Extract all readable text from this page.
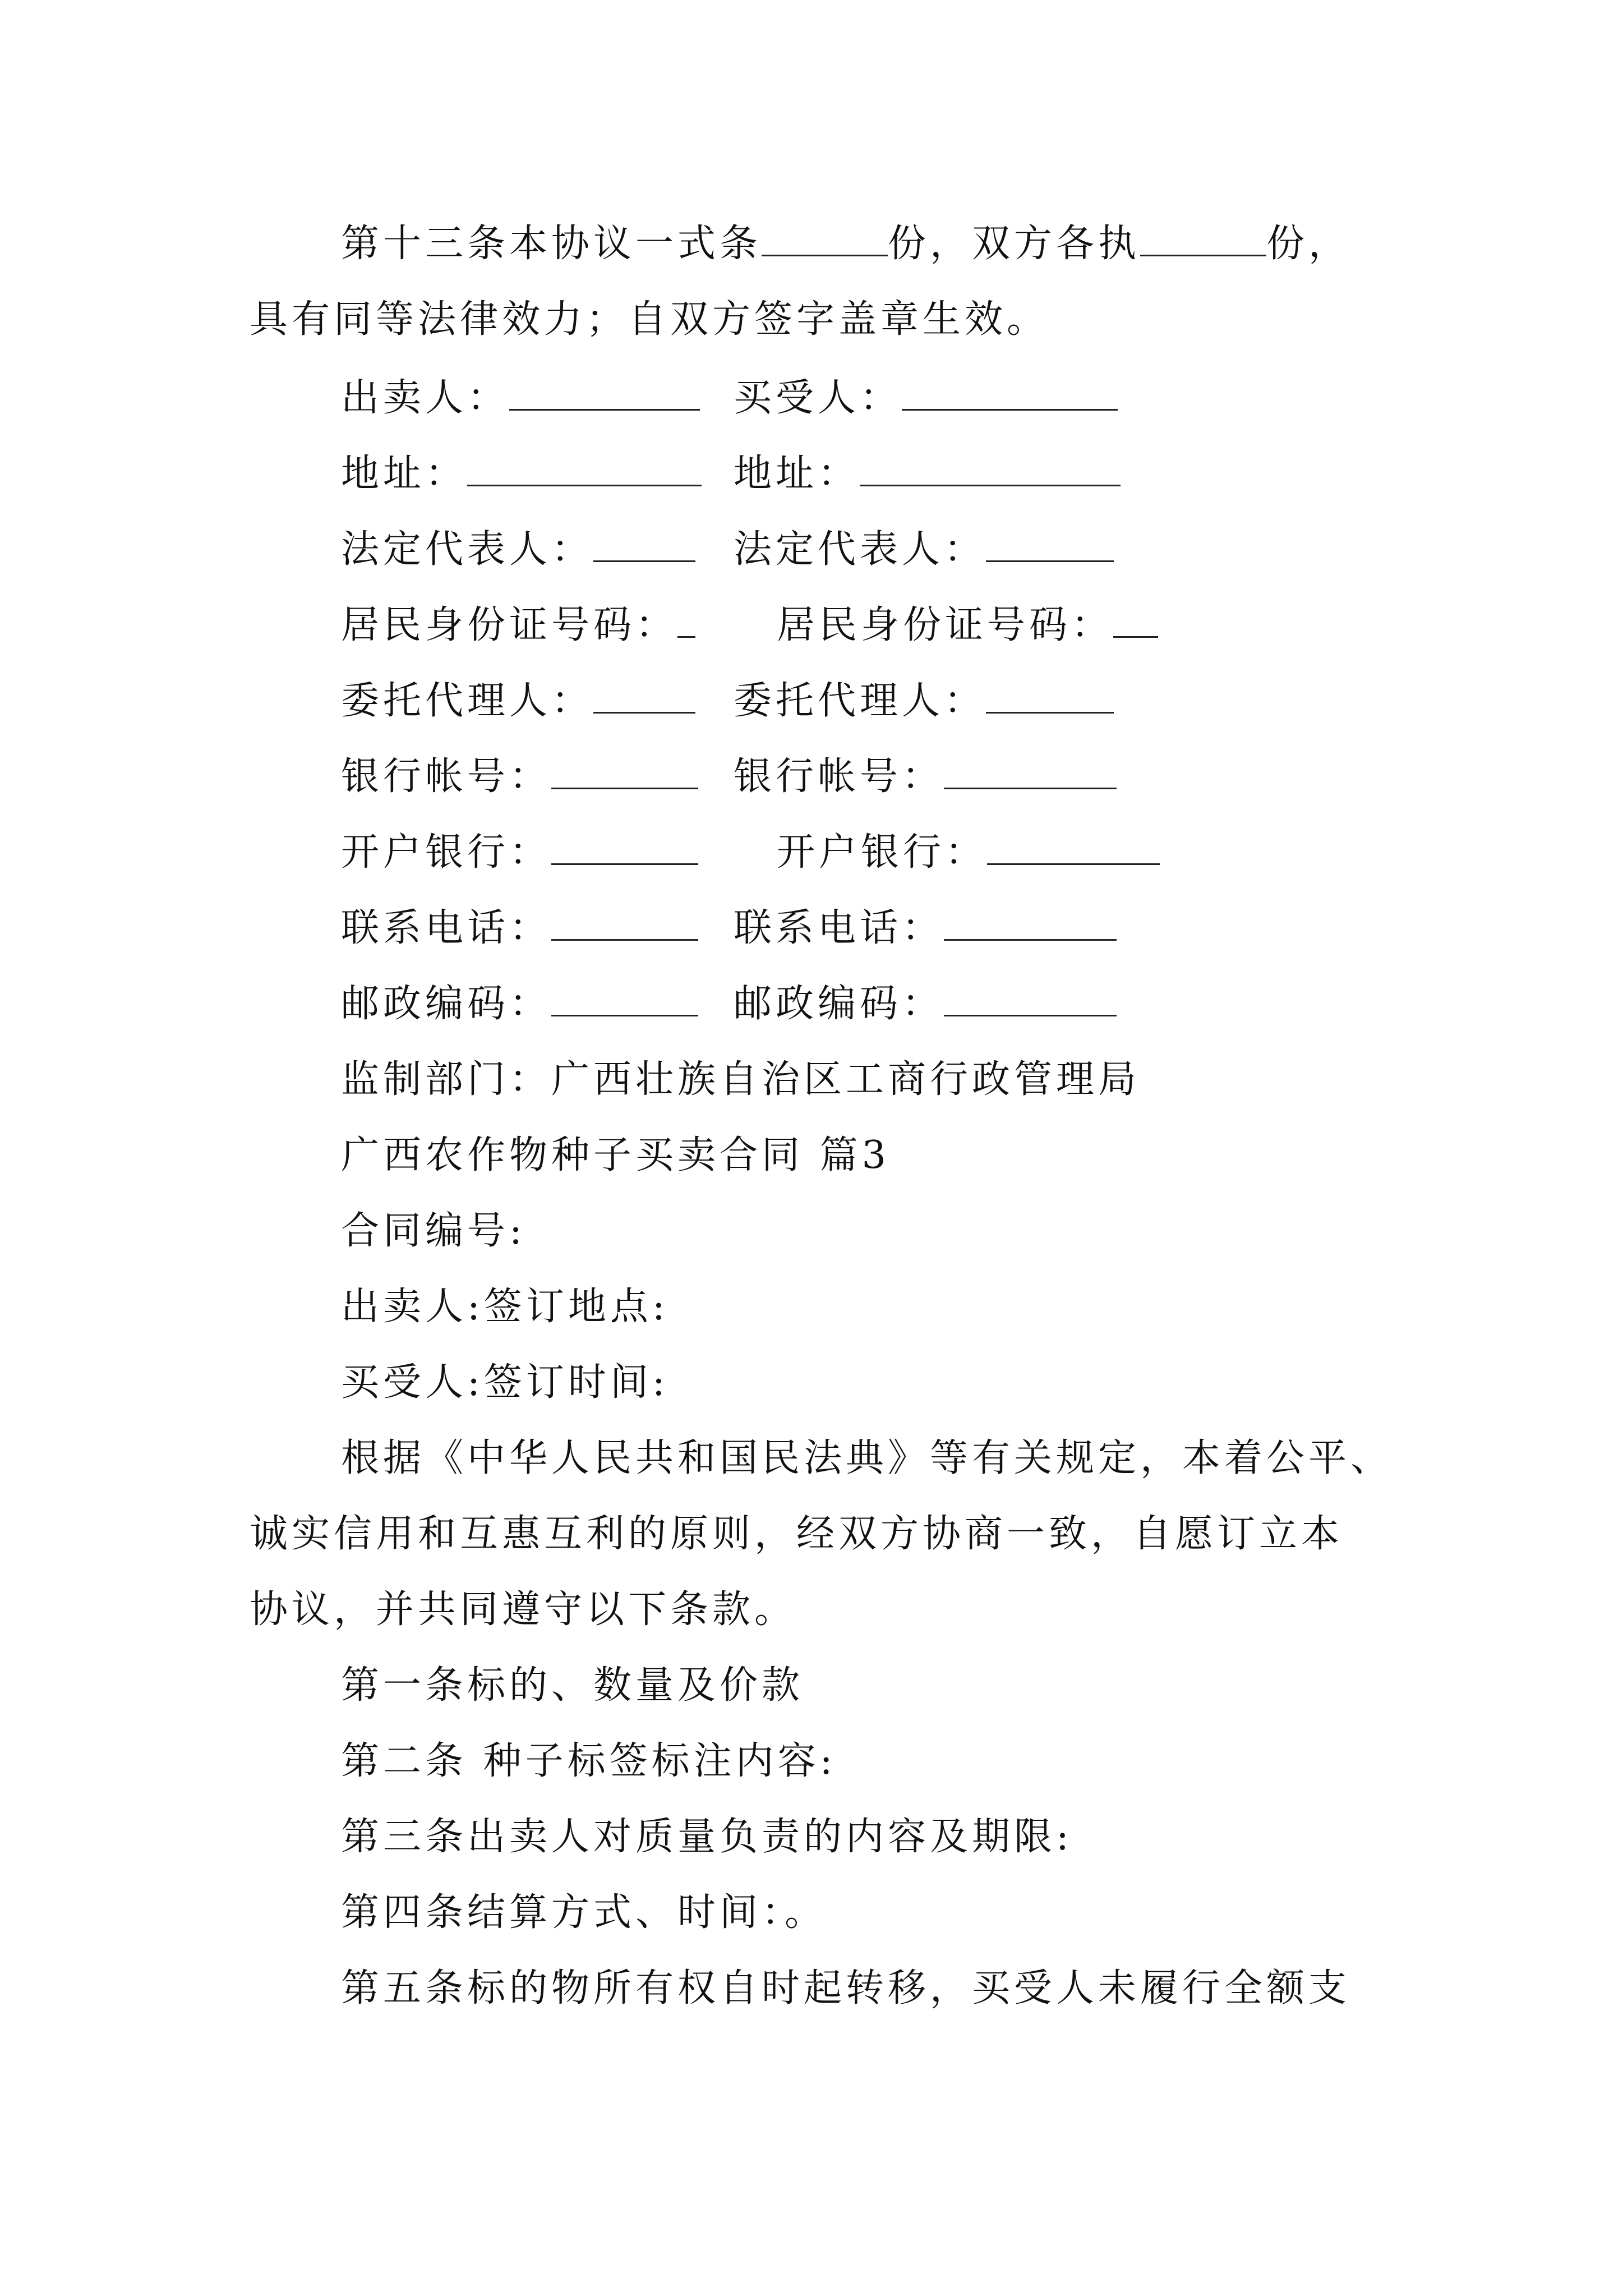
第十三条本协议一式条	份，双方各执	份，
具有同等法律效力；自双方签字盖章生效。
出卖人：
地址：
法定代表人：
居民身份证号码：
委托代理人：
银行帐号：
开户银行：
联系电话：
邮政编码：
买受人：
地址：
法定代表人：
居民身份证号码：
委托代理人：
银行帐号：
开户银行：
联系电话：
邮政编码：
监制部门：广西壮族自治区工商行政管理局
广西农作物种子买卖合同 篇3
合同编号:
出卖人:签订地点:
买受人:签订时间:
根据《中华人民共和国民法典》等有关规定，本着公平、
诚实信用和互惠互利的原则，经双方协商一致，自愿订立本
协议，并共同遵守以下条款。
第一条标的、数量及价款
第二条 种子标签标注内容:
第三条出卖人对质量负责的内容及期限:
第四条结算方式、时间：。
第五条标的物所有权自时起转移，买受人未履行全额支
